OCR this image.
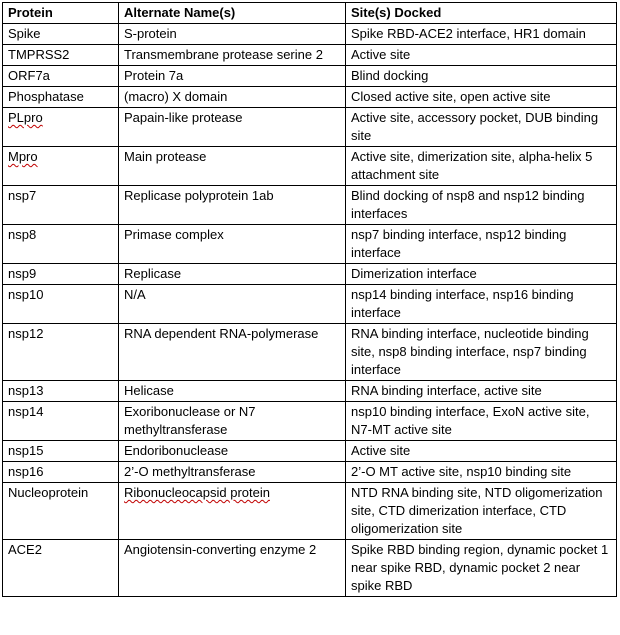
Protein	Alternate Name(s)	Site(s) Docked
Spike	S-protein	Spike RBD-ACE2 interface, HR1 domain
TMPRSS2	Transmembrane protease serine 2	Active site
ORF7a	Protein 7a	Blind docking
Phosphatase	(macro) X domain	Closed active site, open active site
PLpro	Papain-like protease	Active site, accessory pocket, DUB binding site
Mpro	Main protease	Active site, dimerization site, alpha-helix 5 attachment site
nsp7	Replicase polyprotein 1ab	Blind docking of nsp8 and nsp12 binding interfaces
nsp8	Primase complex	nsp7 binding interface, nsp12 binding interface
nsp9	Replicase	Dimerization interface
nsp10	N/A	nsp14 binding interface, nsp16 binding interface
nsp12	RNA dependent RNA-polymerase	RNA binding interface, nucleotide binding site, nsp8 binding interface, nsp7 binding interface
nsp13	Helicase	RNA binding interface, active site
nsp14	Exoribonuclease or N7 methyltransferase	nsp10 binding interface, ExoN active site, N7-MT active site
nsp15	Endoribonuclease	Active site
nsp16	2’-O methyltransferase	2’-O MT active site, nsp10 binding site
Nucleoprotein	Ribonucleocapsid protein	NTD RNA binding site, NTD oligomerization site, CTD dimerization interface, CTD oligomerization site
ACE2	Angiotensin-converting enzyme 2	Spike RBD binding region, dynamic pocket 1 near spike RBD, dynamic pocket 2 near spike RBD
